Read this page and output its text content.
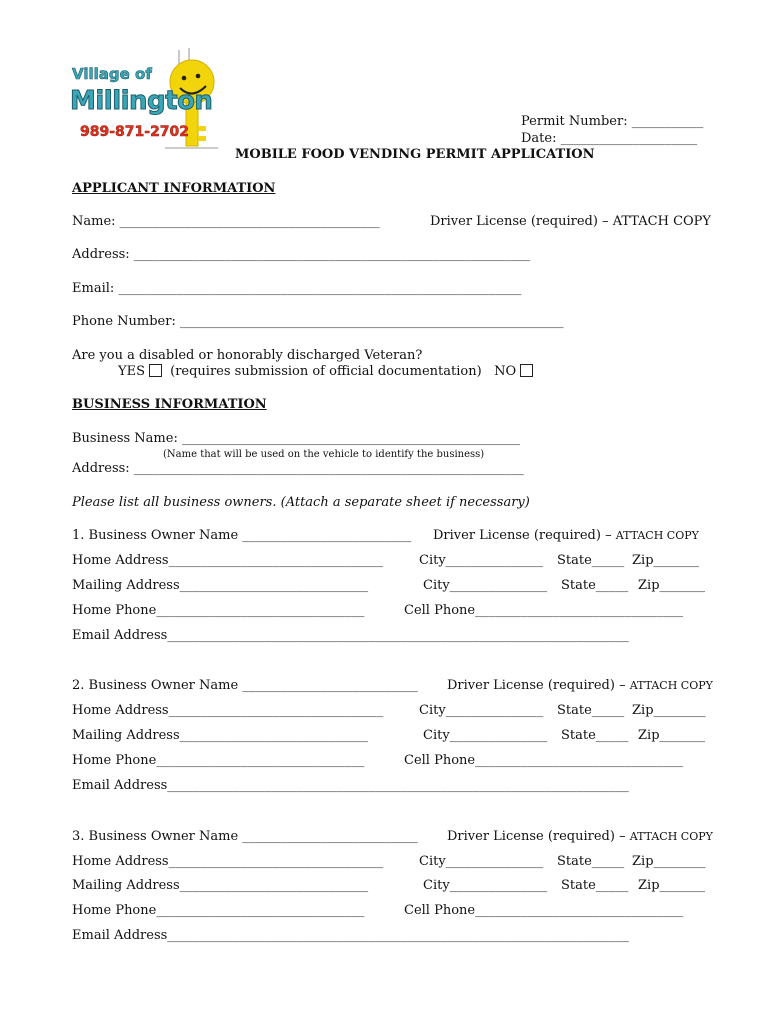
Village of
Millington
989-871-2702
Permit Number: ___________
Date: _____________________
MOBILE FOOD VENDING PERMIT APPLICATION
APPLICANT INFORMATION
Name: ________________________________________	Driver License (required) – ATTACH COPY
Address: _____________________________________________________________
Email: ______________________________________________________________
Phone Number: ___________________________________________________________
Are you a disabled or honorably discharged Veteran?
YES (requires submission of official documentation) NO
BUSINESS INFORMATION
Business Name: ____________________________________________________
(Name that will be used on the vehicle to identify the business)
Address: ____________________________________________________________
Please list all business owners. (Attach a separate sheet if necessary)
1. Business Owner Name __________________________ Driver License (required) – ATTACH COPY
Home Address_________________________________	City_______________ State_____ Zip_______
Mailing Address_____________________________	City_______________ State_____ Zip_______
Home Phone________________________________	Cell Phone________________________________
Email Address_______________________________________________________________________
2. Business Owner Name ___________________________ Driver License (required) – ATTACH COPY
Home Address_________________________________	City_______________ State_____ Zip________
Mailing Address_____________________________	City_______________ State_____ Zip_______
Home Phone________________________________	Cell Phone________________________________
Email Address_______________________________________________________________________
3. Business Owner Name ___________________________ Driver License (required) – ATTACH COPY
Home Address_________________________________	City_______________ State_____ Zip________
Mailing Address_____________________________	City_______________ State_____ Zip_______
Home Phone________________________________	Cell Phone________________________________
Email Address_______________________________________________________________________
